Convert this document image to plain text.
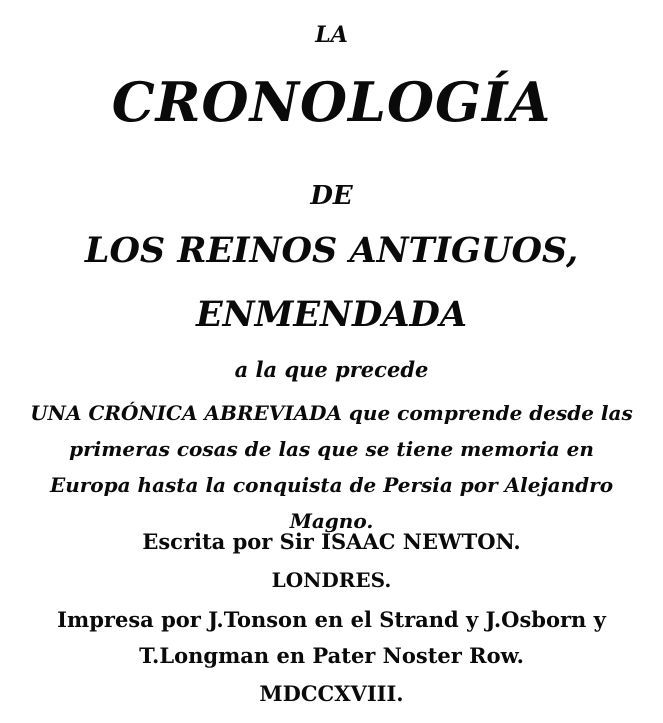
LA
CRONOLOGÍA
DE
LOS REINOS ANTIGUOS,
ENMENDADA
a la que precede
UNA CRÓNICA ABREVIADA que comprende desde las
primeras cosas de las que se tiene memoria en
Europa hasta la conquista de Persia por Alejandro
Magno.
Escrita por Sir ISAAC NEWTON.
LONDRES.
Impresa por J.Tonson en el Strand y J.Osborn y
T.Longman en Pater Noster Row.
MDCCXVIII.
